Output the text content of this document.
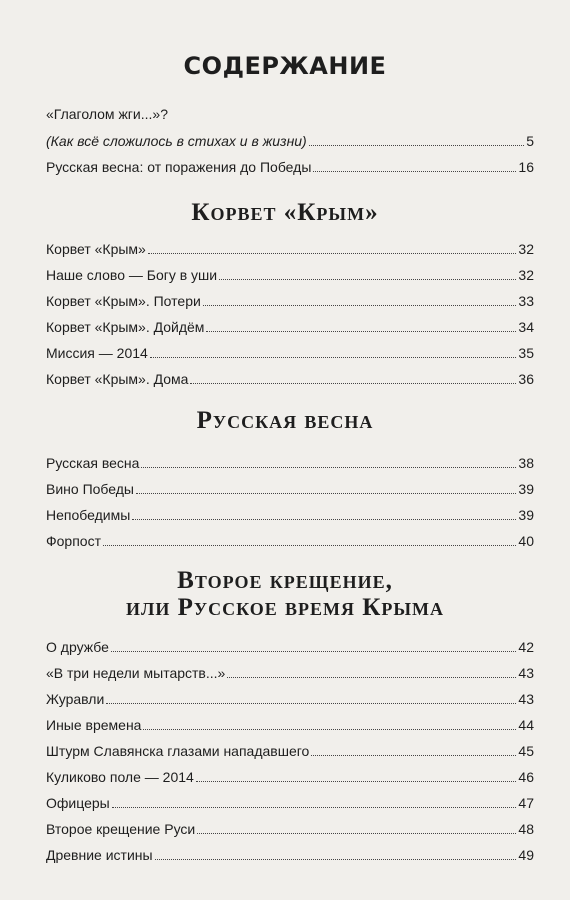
СОДЕРЖАНИЕ
«Глаголом жги...»?
(Как всё сложилось в стихах и в жизни)	5
Русская весна: от поражения до Победы	16
Корвет «Крым»
Корвет «Крым»	32
Наше слово — Богу в уши	32
Корвет «Крым». Потери	33
Корвет «Крым». Дойдём	34
Миссия — 2014	35
Корвет «Крым». Дома	36
Русская весна
Русская весна	38
Вино Победы	39
Непобедимы	39
Форпост	40
Второе крещение,
или Русское время Крыма
О дружбе	42
«В три недели мытарств...»	43
Журавли	43
Иные времена	44
Штурм Славянска глазами нападавшего	45
Куликово поле — 2014	46
Офицеры	47
Второе крещение Руси	48
Древние истины	49
